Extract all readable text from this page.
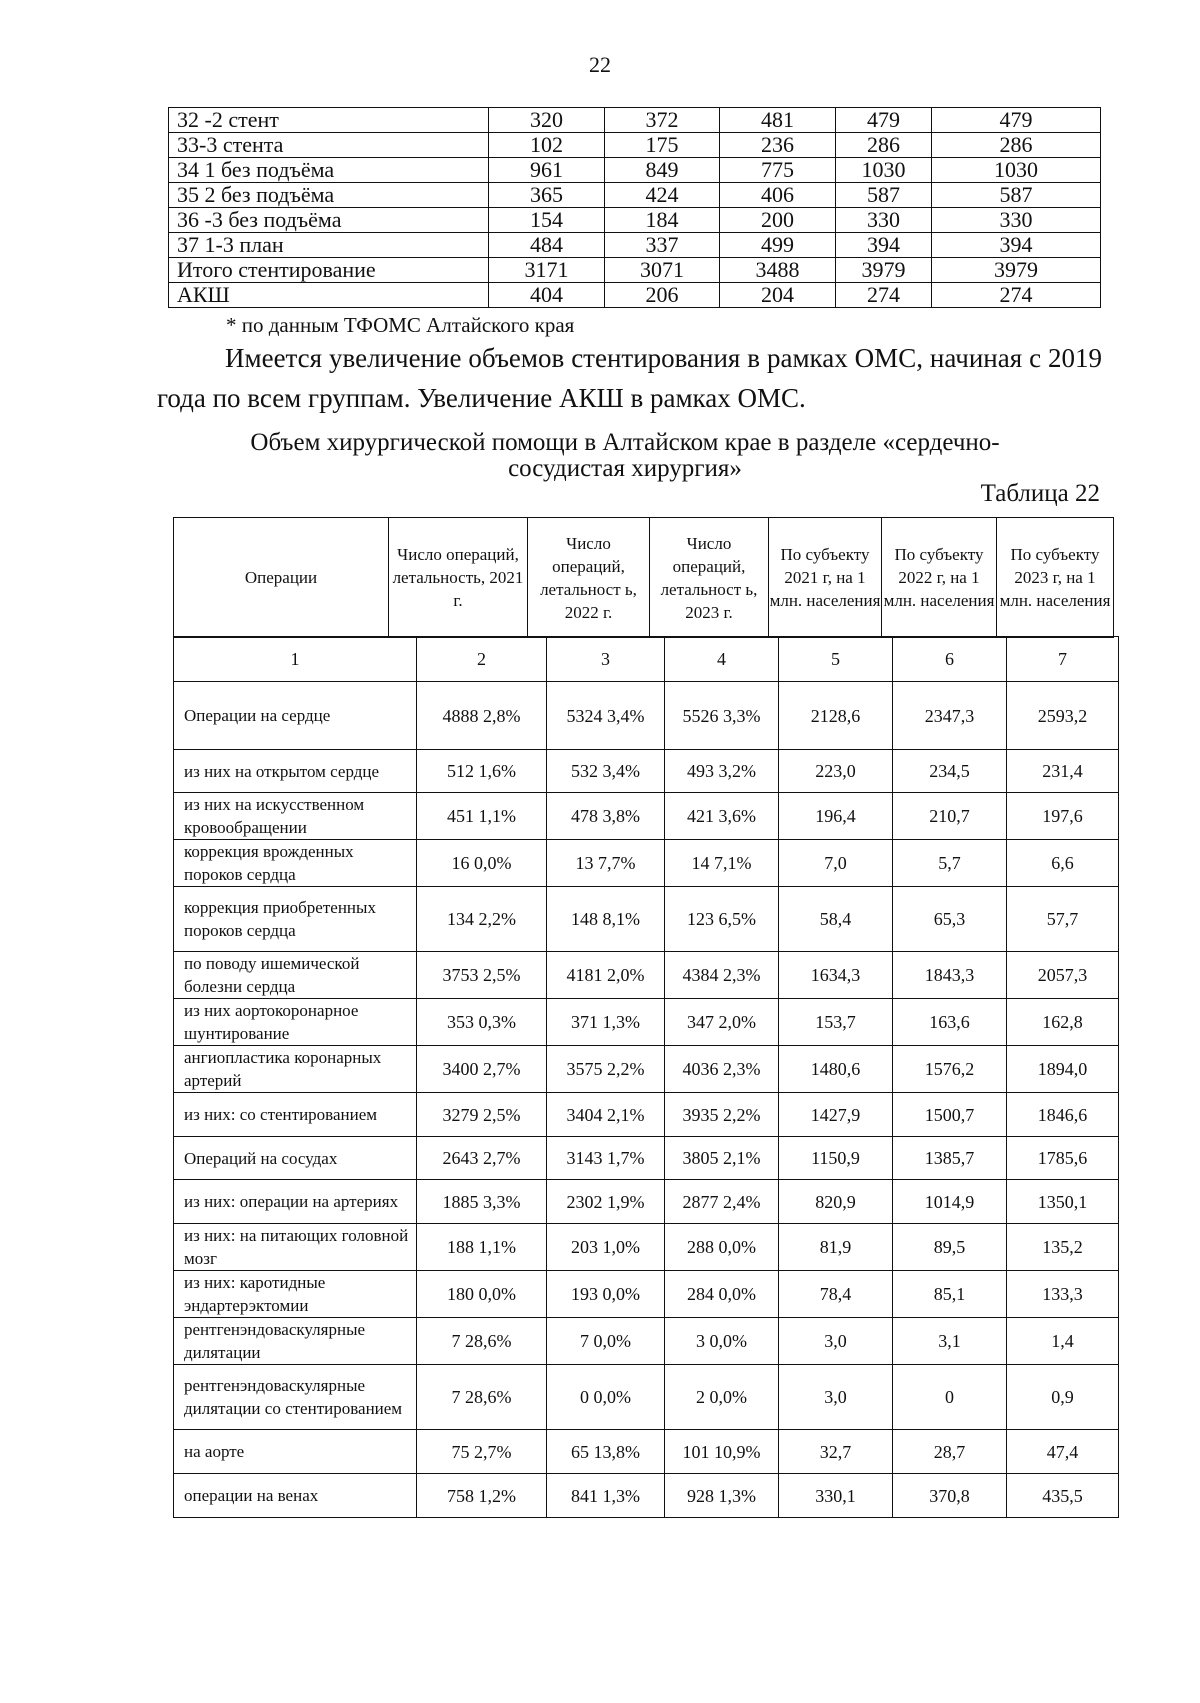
22
32 -2 стент	320	372	481	479	479
33-3 стента	102	175	236	286	286
34 1 без подъёма	961	849	775	1030	1030
35 2 без подъёма	365	424	406	587	587
36 -3 без подъёма	154	184	200	330	330
37 1-3 план	484	337	499	394	394
Итого стентирование	3171	3071	3488	3979	3979
АКШ	404	206	204	274	274
* по данным ТФОМС Алтайского края
Имеется увеличение объемов стентирования в рамках ОМС, начиная с 2019 года по всем группам. Увеличение АКШ в рамках ОМС.
Объем хирургической помощи в Алтайском крае в разделе «сердечно-
сосудистая хирургия»
Таблица 22
Операции	Число операций, летальность, 2021 г.	Число операций, летальност ь, 2022 г.	Число операций, летальност ь, 2023 г.	По субъекту 2021 г, на 1 млн. населения	По субъекту 2022 г, на 1 млн. населения	По субъекту 2023 г, на 1 млн. населения
1	2	3	4	5	6	7
Операции на сердце	4888 2,8%	5324 3,4%	5526 3,3%	2128,6	2347,3	2593,2
из них на открытом сердце	512 1,6%	532 3,4%	493 3,2%	223,0	234,5	231,4
из них на искусственном кровообращении	451 1,1%	478 3,8%	421 3,6%	196,4	210,7	197,6
коррекция врожденных пороков сердца	16 0,0%	13 7,7%	14 7,1%	7,0	5,7	6,6
коррекция приобретенных пороков сердца	134 2,2%	148 8,1%	123 6,5%	58,4	65,3	57,7
по поводу ишемической болезни сердца	3753 2,5%	4181 2,0%	4384 2,3%	1634,3	1843,3	2057,3
из них аортокоронарное шунтирование	353 0,3%	371 1,3%	347 2,0%	153,7	163,6	162,8
ангиопластика коронарных артерий	3400 2,7%	3575 2,2%	4036 2,3%	1480,6	1576,2	1894,0
из них: со стентированием	3279 2,5%	3404 2,1%	3935 2,2%	1427,9	1500,7	1846,6
Операций на сосудах	2643 2,7%	3143 1,7%	3805 2,1%	1150,9	1385,7	1785,6
из них: операции на артериях	1885 3,3%	2302 1,9%	2877 2,4%	820,9	1014,9	1350,1
из них: на питающих головной мозг	188 1,1%	203 1,0%	288 0,0%	81,9	89,5	135,2
из них: каротидные эндартерэктомии	180 0,0%	193 0,0%	284 0,0%	78,4	85,1	133,3
рентгенэндоваскулярные дилятации	7 28,6%	7 0,0%	3 0,0%	3,0	3,1	1,4
рентгенэндоваскулярные дилятации со стентированием	7 28,6%	0 0,0%	2 0,0%	3,0	0	0,9
на аорте	75 2,7%	65 13,8%	101 10,9%	32,7	28,7	47,4
операции на венах	758 1,2%	841 1,3%	928 1,3%	330,1	370,8	435,5
